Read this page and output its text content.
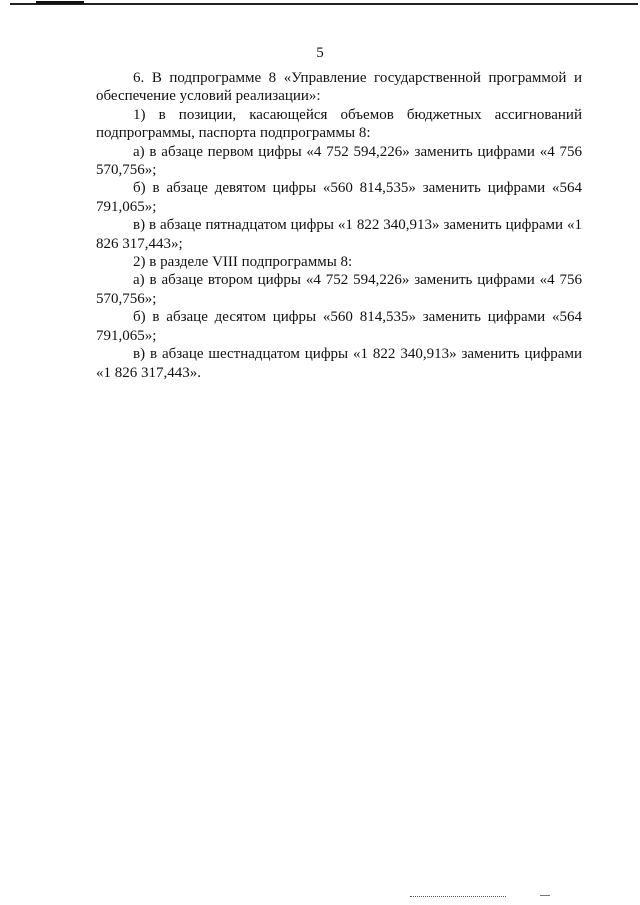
5

6. В подпрограмме 8 «Управление государственной программой и обеспечение условий реализации»:

1) в позиции, касающейся объемов бюджетных ассигнований подпрограммы, паспорта подпрограммы 8:

а) в абзаце первом цифры «4 752 594,226» заменить цифрами «4 756 570,756»;

б) в абзаце девятом цифры «560 814,535» заменить цифрами «564 791,065»;

в) в абзаце пятнадцатом цифры «1 822 340,913» заменить цифрами «1 826 317,443»;

2) в разделе VIII подпрограммы 8:

а) в абзаце втором цифры «4 752 594,226» заменить цифрами «4 756 570,756»;

б) в абзаце десятом цифры «560 814,535» заменить цифрами «564 791,065»;

в) в абзаце шестнадцатом цифры «1 822 340,913» заменить цифрами «1 826 317,443».
